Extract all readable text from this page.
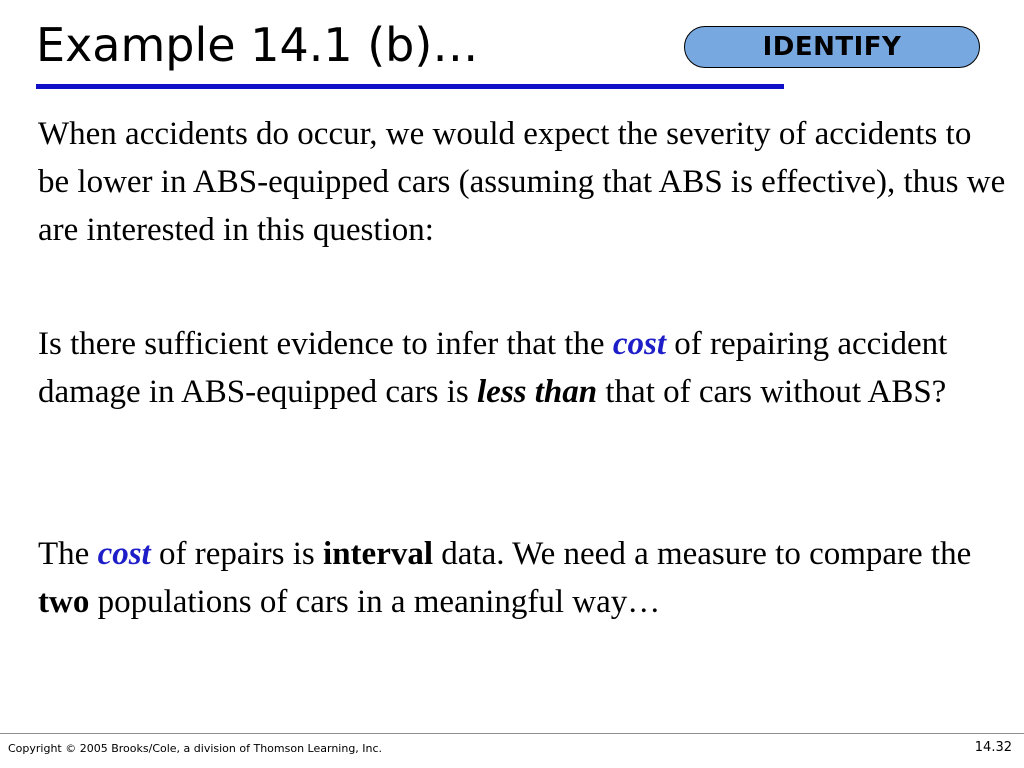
Example 14.1 (b)…	IDENTIFY
When accidents do occur, we would expect the severity of accidents to be lower in ABS-equipped cars (assuming that ABS is effective), thus we are interested in this question:
Is there sufficient evidence to infer that the cost of repairing accident damage in ABS-equipped cars is less than that of cars without ABS?
The cost of repairs is interval data. We need a measure to compare the two populations of cars in a meaningful way…
Copyright © 2005 Brooks/Cole, a division of Thomson Learning, Inc.	14.32
